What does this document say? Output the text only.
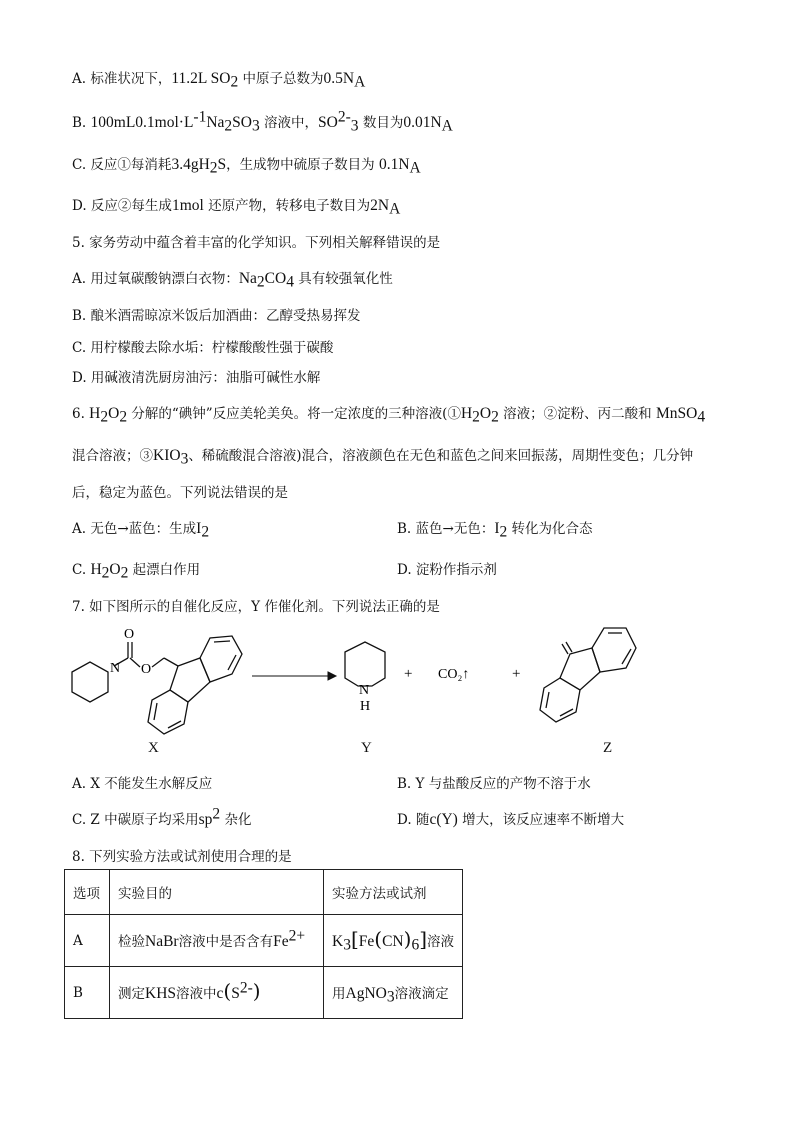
A. 标准状况下，11.2L $SO_2$ 中原子总数为$0.5N_A$
B. $100mL0.1mol\cdot L^{-1}Na_2SO_3$ 溶液中，$SO^{2-}_3$ 数目为$0.01N_A$
C. 反应①每消耗$3.4gH_2S$，生成物中硫原子数目为 $0.1N_A$
D. 反应②每生成1mol 还原产物，转移电子数目为$2N_A$
5. 家务劳动中蕴含着丰富的化学知识。下列相关解释错误的是
A. 用过氧碳酸钠漂白衣物：$Na_2CO_4$ 具有较强氧化性
B. 酿米酒需晾凉米饭后加酒曲：乙醇受热易挥发
C. 用柠檬酸去除水垢：柠檬酸酸性强于碳酸
D. 用碱液清洗厨房油污：油脂可碱性水解
6. $H_2O_2$ 分解的“碘钟”反应美轮美奂。将一定浓度的三种溶液($①H_2O_2$ 溶液；②淀粉、丙二酸和 MnSO$_4$
混合溶液；$③KIO_3$、稀硫酸混合溶液)混合，溶液颜色在无色和蓝色之间来回振荡，周期性变色；几分钟
后，稳定为蓝色。下列说法错误的是
A. 无色→蓝色：生成$I_2$	B. 蓝色→无色：$I_2$ 转化为化合态
C. $H_2O_2$ 起漂白作用	D. 淀粉作指示剂
7. 如下图所示的自催化反应，Y 作催化剂。下列说法正确的是
N
O
O
N
H
+ CO₂↑	+
X	Y	Z
A. X 不能发生水解反应	B. Y 与盐酸反应的产物不溶于水
C. Z 中碳原子均采用$sp^2$ 杂化	D. 随c(Y) 增大，该反应速率不断增大
8. 下列实验方法或试剂使用合理的是
选项	实验目的	实验方法或试剂
A	检验NaBr溶液中是否含有$Fe^{2+}$	$K_3[Fe(CN)_6]$溶液
B	测定KHS溶液中$c(S^{2-})$	用AgNO$_3$溶液滴定
